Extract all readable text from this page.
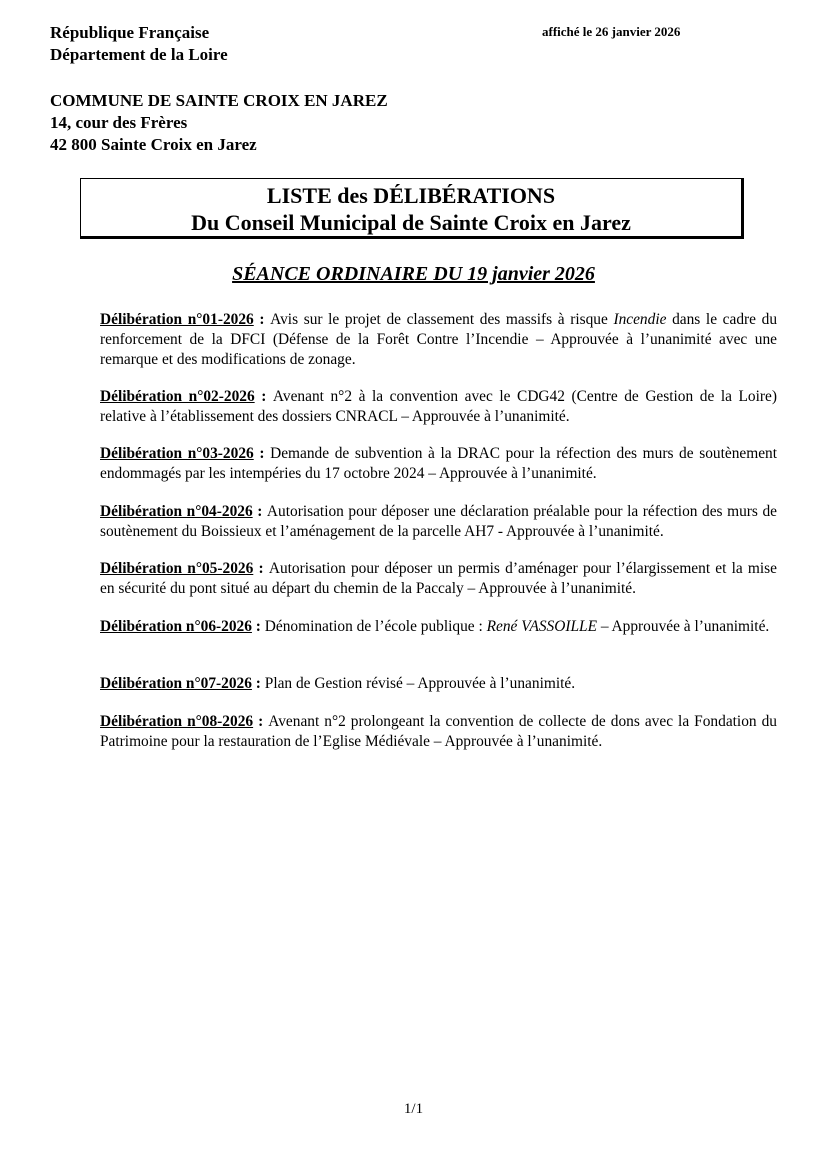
République Française
Département de la Loire
affiché le 26 janvier 2026
COMMUNE DE SAINTE CROIX EN JAREZ
14, cour des Frères
42 800 Sainte Croix en Jarez
LISTE des DÉLIBÉRATIONS
Du Conseil Municipal de Sainte Croix en Jarez
SÉANCE ORDINAIRE DU 19 janvier 2026
Délibération n°01-2026 : Avis sur le projet de classement des massifs à risque Incendie dans le cadre du renforcement de la DFCI (Défense de la Forêt Contre l’Incendie – Approuvée à l’unanimité avec une remarque et des modifications de zonage.
Délibération n°02-2026 : Avenant n°2 à la convention avec le CDG42 (Centre de Gestion de la Loire) relative à l’établissement des dossiers CNRACL – Approuvée à l’unanimité.
Délibération n°03-2026 : Demande de subvention à la DRAC pour la réfection des murs de soutènement endommagés par les intempéries du 17 octobre 2024 – Approuvée à l’unanimité.
Délibération n°04-2026 : Autorisation pour déposer une déclaration préalable pour la réfection des murs de soutènement du Boissieux et l’aménagement de la parcelle AH7 - Approuvée à l’unanimité.
Délibération n°05-2026 : Autorisation pour déposer un permis d’aménager pour l’élargissement et la mise en sécurité du pont situé au départ du chemin de la Paccaly – Approuvée à l’unanimité.
Délibération n°06-2026 : Dénomination de l’école publique : René VASSOILLE – Approuvée à l’unanimité.
Délibération n°07-2026 : Plan de Gestion révisé – Approuvée à l’unanimité.
Délibération n°08-2026 : Avenant n°2 prolongeant la convention de collecte de dons avec la Fondation du Patrimoine pour la restauration de l’Eglise Médiévale – Approuvée à l’unanimité.
1/1
